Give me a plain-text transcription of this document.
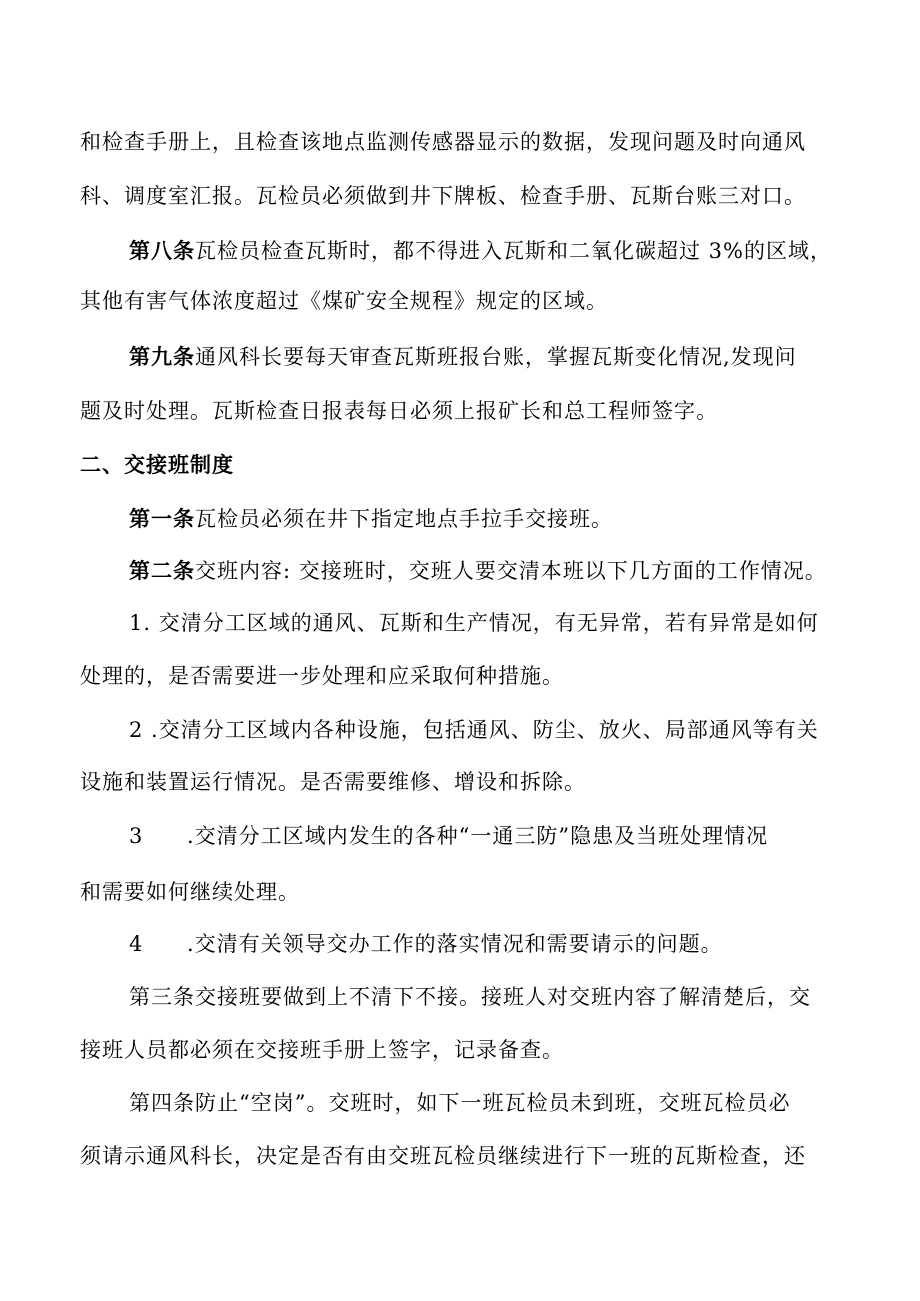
和检查手册上，且检查该地点监测传感器显示的数据，发现问题及时向通风
科、调度室汇报。瓦检员必须做到井下牌板、检查手册、瓦斯台账三对口。
第八条瓦检员检查瓦斯时，都不得进入瓦斯和二氧化碳超过 3%的区域，
其他有害气体浓度超过《煤矿安全规程》规定的区域。
第九条通风科长要每天审查瓦斯班报台账，掌握瓦斯变化情况,发现问
题及时处理。瓦斯检查日报表每日必须上报矿长和总工程师签字。
二、交接班制度
第一条瓦检员必须在井下指定地点手拉手交接班。
第二条交班内容: 交接班时，交班人要交清本班以下几方面的工作情况。
1. 交清分工区域的通风、瓦斯和生产情况，有无异常，若有异常是如何
处理的，是否需要进一步处理和应采取何种措施。
2 .交清分工区域内各种设施，包括通风、防尘、放火、局部通风等有关
设施和装置运行情况。是否需要维修、增设和拆除。
3 .交清分工区域内发生的各种“一通三防”隐患及当班处理情况
和需要如何继续处理。
4 .交清有关领导交办工作的落实情况和需要请示的问题。
第三条交接班要做到上不清下不接。接班人对交班内容了解清楚后，交
接班人员都必须在交接班手册上签字，记录备查。
第四条防止“空岗”。交班时，如下一班瓦检员未到班，交班瓦检员必
须请示通风科长，决定是否有由交班瓦检员继续进行下一班的瓦斯检查，还
